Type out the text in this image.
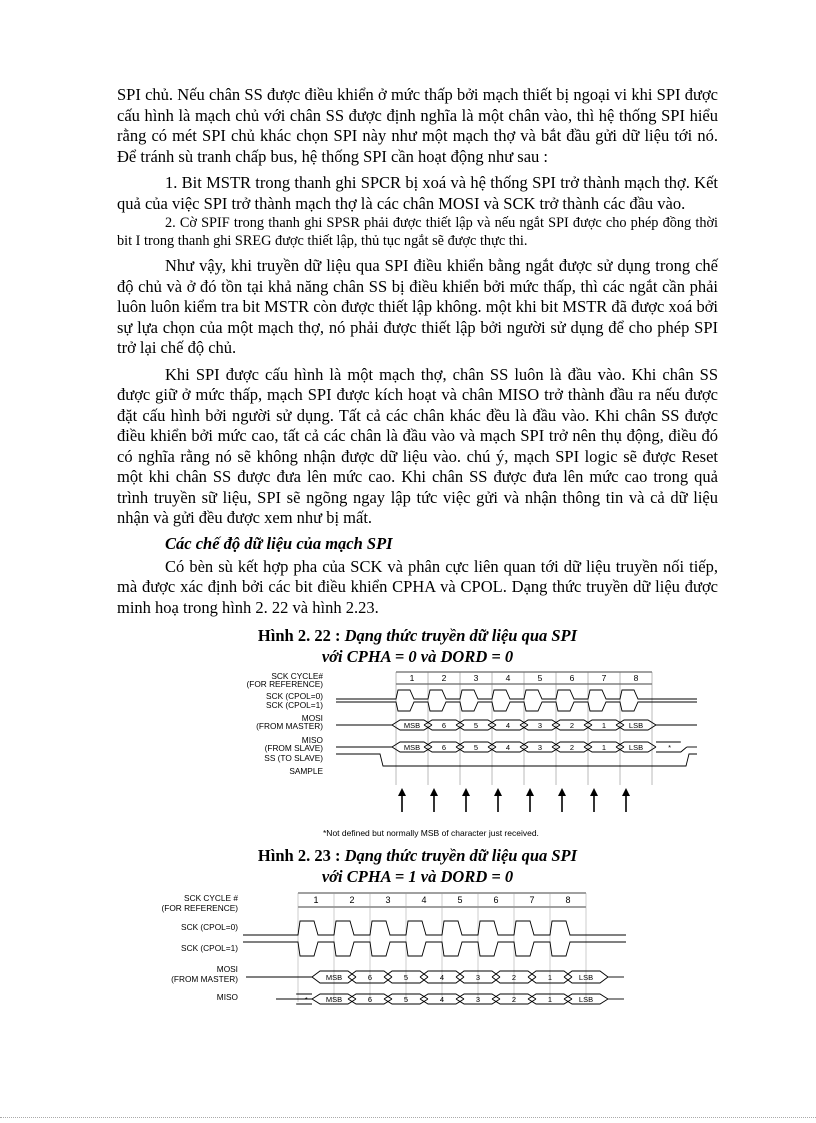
SPI chủ. Nếu chân SS được điều khiển ở mức thấp bởi mạch thiết bị ngoại vi khi SPI được cấu hình là mạch chủ với chân SS được định nghĩa là một chân vào, thì hệ thống SPI hiểu rằng có mét SPI chủ khác chọn SPI này như một mạch thợ và bắt đầu gửi dữ liệu tới nó. Để tránh sù tranh chấp bus, hệ thống SPI cần hoạt động như sau :

1. Bit MSTR trong thanh ghi SPCR bị xoá và hệ thống SPI trở thành mạch thợ. Kết quả của việc SPI trở thành mạch thợ là các chân MOSI và SCK trở thành các đầu vào.

2. Cờ SPIF trong thanh ghi SPSR phải được thiết lập và nếu ngắt SPI được cho phép đồng thời bit I trong thanh ghi SREG được thiết lập, thủ tục ngắt sẽ được thực thi.

Như vậy, khi truyền dữ liệu qua SPI điều khiển bằng ngắt được sử dụng trong chế độ chủ và ở đó tồn tại khả năng chân SS bị điều khiển bởi mức thấp, thì các ngắt cần phải luôn luôn kiểm tra bit MSTR còn được thiết lập không. một khi bit MSTR đã được xoá bởi sự lựa chọn của một mạch thợ, nó phải được thiết lập bởi người sử dụng để cho phép SPI trở lại chế độ chủ.

Khi SPI được cấu hình là một mạch thợ, chân SS luôn là đầu vào. Khi chân SS được giữ ở mức thấp, mạch SPI được kích hoạt và chân MISO trở thành đầu ra nếu được đặt cấu hình bởi người sử dụng. Tất cả các chân khác đều là đầu vào. Khi chân SS được điều khiển bởi mức cao, tất cả các chân là đầu vào và mạch SPI trở nên thụ động, điều đó có nghĩa rằng nó sẽ không nhận được dữ liệu vào. chú ý, mạch SPI logic sẽ được Reset một khi chân SS được đưa lên mức cao. Khi chân SS được đưa lên mức cao trong quả trình truyền sữ liệu, SPI sẽ ngõng ngay lập tức việc gửi và nhận thông tin và cả dữ liệu nhận và gửi đều được xem như bị mất.

Các chế độ dữ liệu của mạch SPI

Có bèn sù kết hợp pha của SCK và phân cực liên quan tới dữ liệu truyền nối tiếp, mà được xác định bởi các bit điều khiển CPHA và CPOL. Dạng thức truyền dữ liệu được minh hoạ trong hình 2. 22 và hình 2.23.

Hình 2. 22 : Dạng thức truyền dữ liệu qua SPI
với CPHA = 0 và DORD = 0
SCK CYCLE#
(FOR REFERENCE)
SCK (CPOL=0)
SCK (CPOL=1)
MOSI
(FROM MASTER)
MISO
(FROM SLAVE)
SS (TO SLAVE)
SAMPLE
1	2	3	4	5	6	7	8
MSB	6	5	4	3	2	1	LSB
MSB	6	5	4	3	2	1	LSB	*
*Not defined but normally MSB of character just received.
Hình 2. 23 : Dạng thức truyền dữ liệu qua SPI
với CPHA = 1 và DORD = 0
SCK CYCLE #
(FOR REFERENCE)
SCK (CPOL=0)
SCK (CPOL=1)
MOSI
(FROM MASTER)
MISO
1	2	3	4	5	6	7	8
MSB	6	5	4	3	2	1	LSB
* MSB	6	5	4	3	2	1	LSB
